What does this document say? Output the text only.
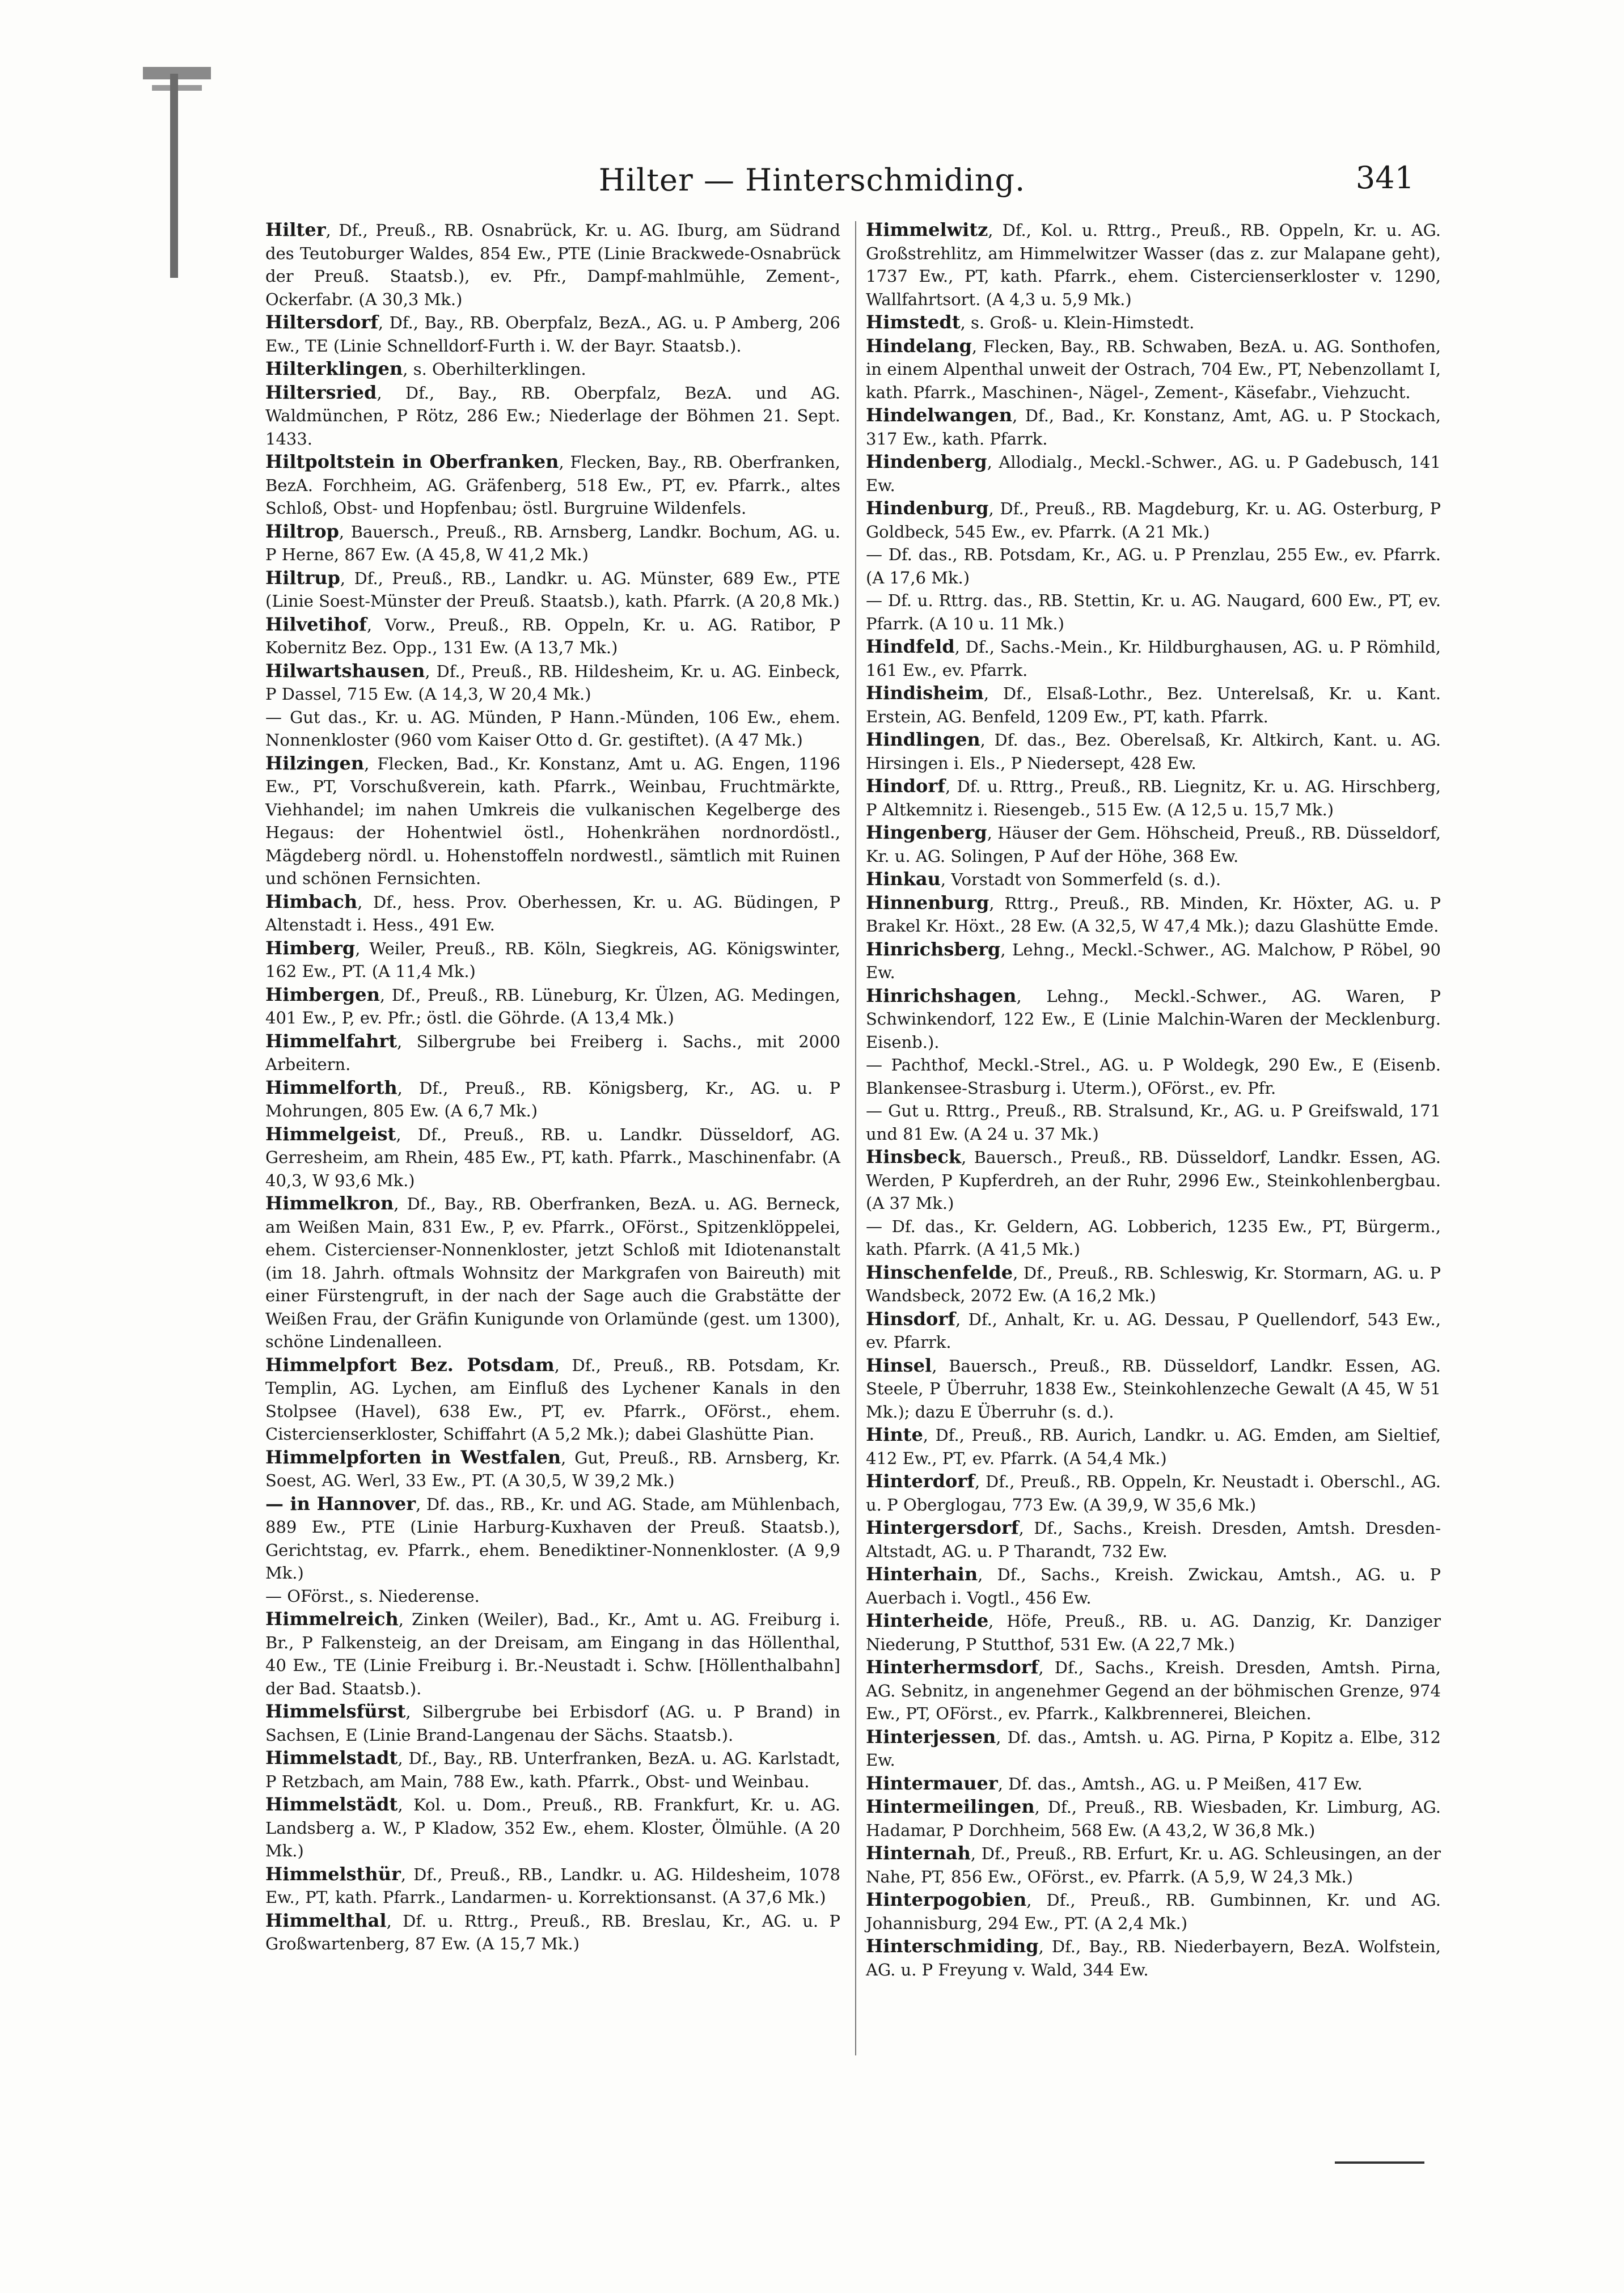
Hilter — Hinterschmiding.	341

Hilter, Df., Preuß., RB. Osnabrück, Kr. u. AG. Iburg, am Südrand des Teutoburger Waldes, 854 Ew., PTE (Linie Brackwede-Osnabrück der Preuß. Staatsb.), ev. Pfr., Dampf-mahlmühle, Zement-, Ockerfabr. (A 30,3 Mk.)

Hiltersdorf, Df., Bay., RB. Oberpfalz, BezA., AG. u. P Amberg, 206 Ew., TE (Linie Schnelldorf-Furth i. W. der Bayr. Staatsb.).

Hilterklingen, s. Oberhilterklingen.

Hiltersried, Df., Bay., RB. Oberpfalz, BezA. und AG. Waldmünchen, P Rötz, 286 Ew.; Niederlage der Böhmen 21. Sept. 1433.

Hiltpoltstein in Oberfranken, Flecken, Bay., RB. Oberfranken, BezA. Forchheim, AG. Gräfenberg, 518 Ew., PT, ev. Pfarrk., altes Schloß, Obst- und Hopfenbau; östl. Burgruine Wildenfels.

Hiltrop, Bauersch., Preuß., RB. Arnsberg, Landkr. Bochum, AG. u. P Herne, 867 Ew. (A 45,8, W 41,2 Mk.)

Hiltrup, Df., Preuß., RB., Landkr. u. AG. Münster, 689 Ew., PTE (Linie Soest-Münster der Preuß. Staatsb.), kath. Pfarrk. (A 20,8 Mk.)

Hilvetihof, Vorw., Preuß., RB. Oppeln, Kr. u. AG. Ratibor, P Kobernitz Bez. Opp., 131 Ew. (A 13,7 Mk.)

Hilwartshausen, Df., Preuß., RB. Hildesheim, Kr. u. AG. Einbeck, P Dassel, 715 Ew. (A 14,3, W 20,4 Mk.)

— Gut das., Kr. u. AG. Münden, P Hann.-Münden, 106 Ew., ehem. Nonnenkloster (960 vom Kaiser Otto d. Gr. gestiftet). (A 47 Mk.)

Hilzingen, Flecken, Bad., Kr. Konstanz, Amt u. AG. Engen, 1196 Ew., PT, Vorschußverein, kath. Pfarrk., Weinbau, Fruchtmärkte, Viehhandel; im nahen Umkreis die vulkanischen Kegelberge des Hegaus: der Hohentwiel östl., Hohenkrähen nordnordöstl., Mägdeberg nördl. u. Hohenstoffeln nordwestl., sämtlich mit Ruinen und schönen Fernsichten.

Himbach, Df., hess. Prov. Oberhessen, Kr. u. AG. Büdingen, P Altenstadt i. Hess., 491 Ew.

Himberg, Weiler, Preuß., RB. Köln, Siegkreis, AG. Königswinter, 162 Ew., PT. (A 11,4 Mk.)

Himbergen, Df., Preuß., RB. Lüneburg, Kr. Ülzen, AG. Medingen, 401 Ew., P, ev. Pfr.; östl. die Göhrde. (A 13,4 Mk.)

Himmelfahrt, Silbergrube bei Freiberg i. Sachs., mit 2000 Arbeitern.

Himmelforth, Df., Preuß., RB. Königsberg, Kr., AG. u. P Mohrungen, 805 Ew. (A 6,7 Mk.)

Himmelgeist, Df., Preuß., RB. u. Landkr. Düsseldorf, AG. Gerresheim, am Rhein, 485 Ew., PT, kath. Pfarrk., Maschinenfabr. (A 40,3, W 93,6 Mk.)

Himmelkron, Df., Bay., RB. Oberfranken, BezA. u. AG. Berneck, am Weißen Main, 831 Ew., P, ev. Pfarrk., OFörst., Spitzenklöppelei, ehem. Cistercienser-Nonnenkloster, jetzt Schloß mit Idiotenanstalt (im 18. Jahrh. oftmals Wohnsitz der Markgrafen von Baireuth) mit einer Fürstengruft, in der nach der Sage auch die Grabstätte der Weißen Frau, der Gräfin Kunigunde von Orlamünde (gest. um 1300), schöne Lindenalleen.

Himmelpfort Bez. Potsdam, Df., Preuß., RB. Potsdam, Kr. Templin, AG. Lychen, am Einfluß des Lychener Kanals in den Stolpsee (Havel), 638 Ew., PT, ev. Pfarrk., OFörst., ehem. Cistercienserkloster, Schiffahrt (A 5,2 Mk.); dabei Glashütte Pian.

Himmelpforten in Westfalen, Gut, Preuß., RB. Arnsberg, Kr. Soest, AG. Werl, 33 Ew., PT. (A 30,5, W 39,2 Mk.)

— in Hannover, Df. das., RB., Kr. und AG. Stade, am Mühlenbach, 889 Ew., PTE (Linie Harburg-Kuxhaven der Preuß. Staatsb.), Gerichtstag, ev. Pfarrk., ehem. Benediktiner-Nonnenkloster. (A 9,9 Mk.)

— OFörst., s. Niederense.

Himmelreich, Zinken (Weiler), Bad., Kr., Amt u. AG. Freiburg i. Br., P Falkensteig, an der Dreisam, am Eingang in das Höllenthal, 40 Ew., TE (Linie Freiburg i. Br.-Neustadt i. Schw. [Höllenthalbahn] der Bad. Staatsb.).

Himmelsfürst, Silbergrube bei Erbisdorf (AG. u. P Brand) in Sachsen, E (Linie Brand-Langenau der Sächs. Staatsb.).

Himmelstadt, Df., Bay., RB. Unterfranken, BezA. u. AG. Karlstadt, P Retzbach, am Main, 788 Ew., kath. Pfarrk., Obst- und Weinbau.

Himmelstädt, Kol. u. Dom., Preuß., RB. Frankfurt, Kr. u. AG. Landsberg a. W., P Kladow, 352 Ew., ehem. Kloster, Ölmühle. (A 20 Mk.)

Himmelsthür, Df., Preuß., RB., Landkr. u. AG. Hildesheim, 1078 Ew., PT, kath. Pfarrk., Landarmen- u. Korrektionsanst. (A 37,6 Mk.)

Himmelthal, Df. u. Rttrg., Preuß., RB. Breslau, Kr., AG. u. P Großwartenberg, 87 Ew. (A 15,7 Mk.)

Himmelwitz, Df., Kol. u. Rttrg., Preuß., RB. Oppeln, Kr. u. AG. Großstrehlitz, am Himmelwitzer Wasser (das z. zur Malapane geht), 1737 Ew., PT, kath. Pfarrk., ehem. Cistercienserkloster v. 1290, Wallfahrtsort. (A 4,3 u. 5,9 Mk.)

Himstedt, s. Groß- u. Klein-Himstedt.

Hindelang, Flecken, Bay., RB. Schwaben, BezA. u. AG. Sonthofen, in einem Alpenthal unweit der Ostrach, 704 Ew., PT, Nebenzollamt I, kath. Pfarrk., Maschinen-, Nägel-, Zement-, Käsefabr., Viehzucht.

Hindelwangen, Df., Bad., Kr. Konstanz, Amt, AG. u. P Stockach, 317 Ew., kath. Pfarrk.

Hindenberg, Allodialg., Meckl.-Schwer., AG. u. P Gadebusch, 141 Ew.

Hindenburg, Df., Preuß., RB. Magdeburg, Kr. u. AG. Osterburg, P Goldbeck, 545 Ew., ev. Pfarrk. (A 21 Mk.)

— Df. das., RB. Potsdam, Kr., AG. u. P Prenzlau, 255 Ew., ev. Pfarrk. (A 17,6 Mk.)

— Df. u. Rttrg. das., RB. Stettin, Kr. u. AG. Naugard, 600 Ew., PT, ev. Pfarrk. (A 10 u. 11 Mk.)

Hindfeld, Df., Sachs.-Mein., Kr. Hildburghausen, AG. u. P Römhild, 161 Ew., ev. Pfarrk.

Hindisheim, Df., Elsaß-Lothr., Bez. Unterelsaß, Kr. u. Kant. Erstein, AG. Benfeld, 1209 Ew., PT, kath. Pfarrk.

Hindlingen, Df. das., Bez. Oberelsaß, Kr. Altkirch, Kant. u. AG. Hirsingen i. Els., P Niedersept, 428 Ew.

Hindorf, Df. u. Rttrg., Preuß., RB. Liegnitz, Kr. u. AG. Hirschberg, P Altkemnitz i. Riesengeb., 515 Ew. (A 12,5 u. 15,7 Mk.)

Hingenberg, Häuser der Gem. Höhscheid, Preuß., RB. Düsseldorf, Kr. u. AG. Solingen, P Auf der Höhe, 368 Ew.

Hinkau, Vorstadt von Sommerfeld (s. d.).

Hinnenburg, Rttrg., Preuß., RB. Minden, Kr. Höxter, AG. u. P Brakel Kr. Höxt., 28 Ew. (A 32,5, W 47,4 Mk.); dazu Glashütte Emde.

Hinrichsberg, Lehng., Meckl.-Schwer., AG. Malchow, P Röbel, 90 Ew.

Hinrichshagen, Lehng., Meckl.-Schwer., AG. Waren, P Schwinkendorf, 122 Ew., E (Linie Malchin-Waren der Mecklenburg. Eisenb.).

— Pachthof, Meckl.-Strel., AG. u. P Woldegk, 290 Ew., E (Eisenb. Blankensee-Strasburg i. Uterm.), OFörst., ev. Pfr.

— Gut u. Rttrg., Preuß., RB. Stralsund, Kr., AG. u. P Greifswald, 171 und 81 Ew. (A 24 u. 37 Mk.)

Hinsbeck, Bauersch., Preuß., RB. Düsseldorf, Landkr. Essen, AG. Werden, P Kupferdreh, an der Ruhr, 2996 Ew., Steinkohlenbergbau. (A 37 Mk.)

— Df. das., Kr. Geldern, AG. Lobberich, 1235 Ew., PT, Bürgerm., kath. Pfarrk. (A 41,5 Mk.)

Hinschenfelde, Df., Preuß., RB. Schleswig, Kr. Stormarn, AG. u. P Wandsbeck, 2072 Ew. (A 16,2 Mk.)

Hinsdorf, Df., Anhalt, Kr. u. AG. Dessau, P Quellendorf, 543 Ew., ev. Pfarrk.

Hinsel, Bauersch., Preuß., RB. Düsseldorf, Landkr. Essen, AG. Steele, P Überruhr, 1838 Ew., Steinkohlenzeche Gewalt (A 45, W 51 Mk.); dazu E Überruhr (s. d.).

Hinte, Df., Preuß., RB. Aurich, Landkr. u. AG. Emden, am Sieltief, 412 Ew., PT, ev. Pfarrk. (A 54,4 Mk.)

Hinterdorf, Df., Preuß., RB. Oppeln, Kr. Neustadt i. Oberschl., AG. u. P Oberglogau, 773 Ew. (A 39,9, W 35,6 Mk.)

Hintergersdorf, Df., Sachs., Kreish. Dresden, Amtsh. Dresden-Altstadt, AG. u. P Tharandt, 732 Ew.

Hinterhain, Df., Sachs., Kreish. Zwickau, Amtsh., AG. u. P Auerbach i. Vogtl., 456 Ew.

Hinterheide, Höfe, Preuß., RB. u. AG. Danzig, Kr. Danziger Niederung, P Stutthof, 531 Ew. (A 22,7 Mk.)

Hinterhermsdorf, Df., Sachs., Kreish. Dresden, Amtsh. Pirna, AG. Sebnitz, in angenehmer Gegend an der böhmischen Grenze, 974 Ew., PT, OFörst., ev. Pfarrk., Kalkbrennerei, Bleichen.

Hinterjessen, Df. das., Amtsh. u. AG. Pirna, P Kopitz a. Elbe, 312 Ew.

Hintermauer, Df. das., Amtsh., AG. u. P Meißen, 417 Ew.

Hintermeilingen, Df., Preuß., RB. Wiesbaden, Kr. Limburg, AG. Hadamar, P Dorchheim, 568 Ew. (A 43,2, W 36,8 Mk.)

Hinternah, Df., Preuß., RB. Erfurt, Kr. u. AG. Schleusingen, an der Nahe, PT, 856 Ew., OFörst., ev. Pfarrk. (A 5,9, W 24,3 Mk.)

Hinterpogobien, Df., Preuß., RB. Gumbinnen, Kr. und AG. Johannisburg, 294 Ew., PT. (A 2,4 Mk.)

Hinterschmiding, Df., Bay., RB. Niederbayern, BezA. Wolfstein, AG. u. P Freyung v. Wald, 344 Ew.
